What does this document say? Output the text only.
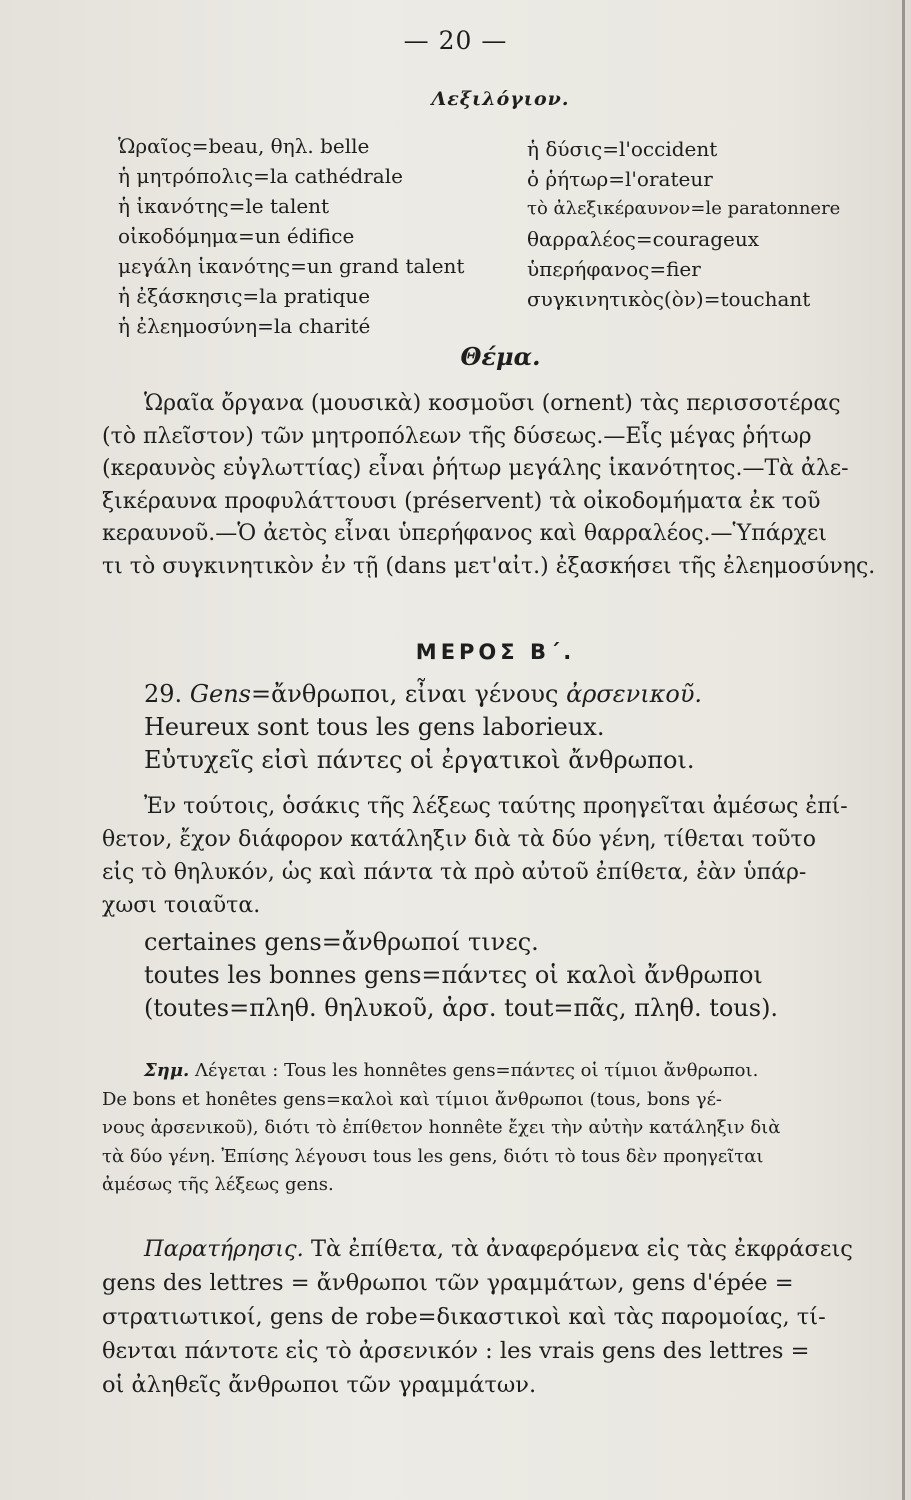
— 20 —
Λεξιλόγιον.
Ὡραῖος=beau, θηλ. belle
ἡ μητρόπολις=la cathédrale
ἡ ἱκανότης=le talent
οἰκοδόμημα=un édifice
μεγάλη ἱκανότης=un grand talent
ἡ ἐξάσκησις=la pratique
ἡ ἐλεημοσύνη=la charité
ἡ δύσις=l'occident
ὁ ῥήτωρ=l'orateur
τὸ ἀλεξικέραυνον=le paratonnere
θαρραλέος=courageux
ὑπερήφανος=fier
συγκινητικὸς(ὸν)=touchant
Θέμα.
Ὡραῖα ὄργανα (μουσικὰ) κοσμοῦσι (ornent) τὰς περισσοτέρας
(τὸ πλεῖστον) τῶν μητροπόλεων τῆς δύσεως.—Εἷς μέγας ῥήτωρ
(κεραυνὸς εὐγλωττίας) εἶναι ῥήτωρ μεγάλης ἱκανότητος.—Τὰ ἀλε-
ξικέραυνα προφυλάττουσι (préservent) τὰ οἰκοδομήματα ἐκ τοῦ
κεραυνοῦ.—Ὁ ἀετὸς εἶναι ὑπερήφανος καὶ θαρραλέος.—Ὑπάρχει
τι τὸ συγκινητικὸν ἐν τῇ (dans μετ'αἰτ.) ἐξασκήσει τῆς ἐλεημοσύνης.
ΜΕΡΟΣ Β΄.
29. Gens=ἄνθρωποι, εἶναι γένους ἀρσενικοῦ.
Heureux sont tous les gens laborieux.
Εὐτυχεῖς εἰσὶ πάντες οἱ ἐργατικοὶ ἄνθρωποι.
Ἐν τούτοις, ὁσάκις τῆς λέξεως ταύτης προηγεῖται ἀμέσως ἐπί-
θετον, ἔχον διάφορον κατάληξιν διὰ τὰ δύο γένη, τίθεται τοῦτο
εἰς τὸ θηλυκόν, ὡς καὶ πάντα τὰ πρὸ αὐτοῦ ἐπίθετα, ἐὰν ὑπάρ-
χωσι τοιαῦτα.
certaines gens=ἄνθρωποί τινες.
toutes les bonnes gens=πάντες οἱ καλοὶ ἄνθρωποι
(toutes=πληθ. θηλυκοῦ, ἀρσ. tout=πᾶς, πληθ. tous).
Σημ. Λέγεται : Tous les honnêtes gens=πάντες οἱ τίμιοι ἄνθρωποι.
De bons et honêtes gens=καλοὶ καὶ τίμιοι ἄνθρωποι (tous, bons γέ-
νους ἀρσενικοῦ), διότι τὸ ἐπίθετον honnête ἔχει τὴν αὐτὴν κατάληξιν διὰ
τὰ δύο γένη. Ἐπίσης λέγουσι tous les gens, διότι τὸ tous δὲν προηγεῖται
ἀμέσως τῆς λέξεως gens.
Παρατήρησις. Τὰ ἐπίθετα, τὰ ἀναφερόμενα εἰς τὰς ἐκφράσεις
gens des lettres = ἄνθρωποι τῶν γραμμάτων, gens d'épée =
στρατιωτικοί, gens de robe=δικαστικοὶ καὶ τὰς παρομοίας, τί-
θενται πάντοτε εἰς τὸ ἀρσενικόν : les vrais gens des lettres =
οἱ ἀληθεῖς ἄνθρωποι τῶν γραμμάτων.
